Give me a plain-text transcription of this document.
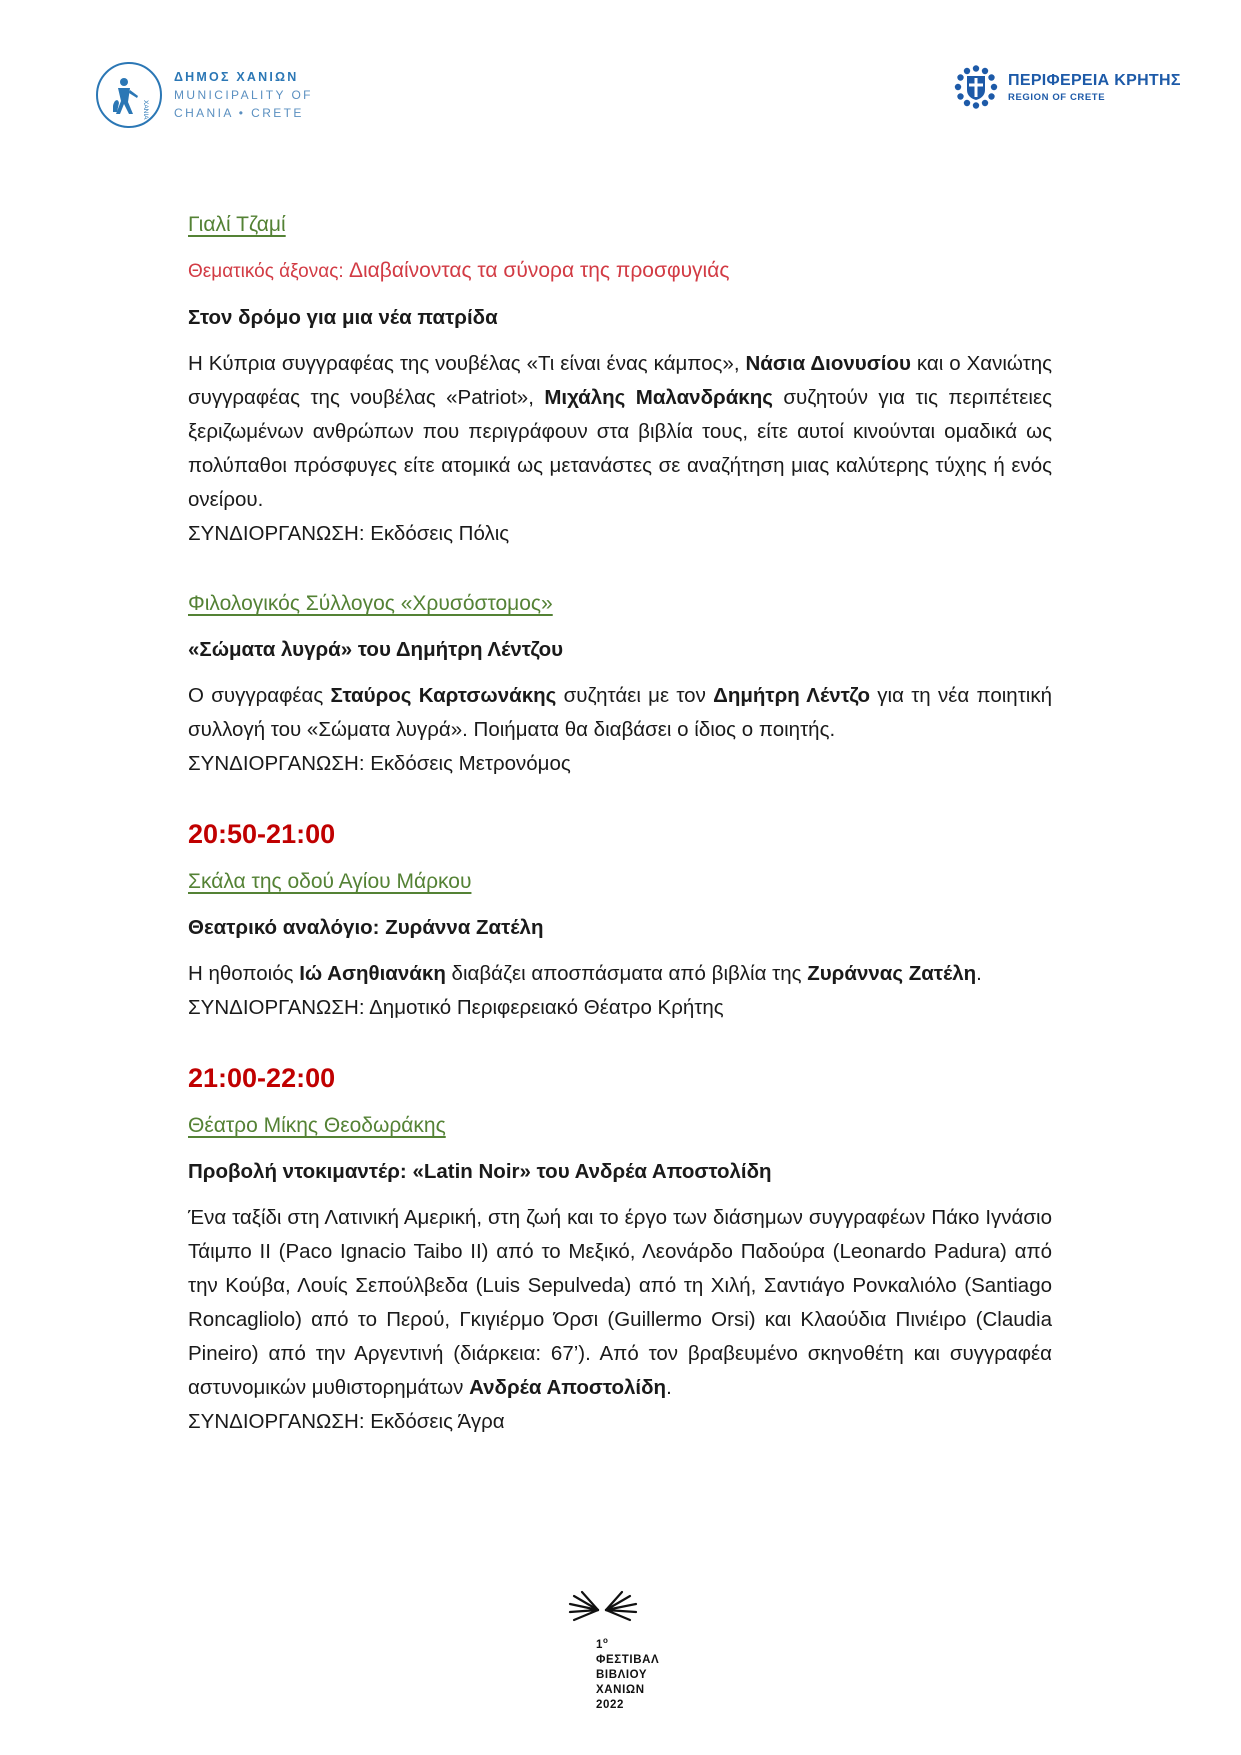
ΧΑΝΙΑ
ΔΗΜΟΣ ΧΑΝΙΩΝ
MUNICIPALITY OF
CHANIA • CRETE
ΠΕΡΙΦΕΡΕΙΑ ΚΡΗΤΗΣ
REGION OF CRETE

Γιαλί Τζαμί

Θεματικός άξονας: Διαβαίνοντας τα σύνορα της προσφυγιάς

Στον δρόμο για μια νέα πατρίδα

Η Κύπρια συγγραφέας της νουβέλας «Τι είναι ένας κάμπος», Νάσια Διονυσίου και ο Χανιώτης συγγραφέας της νουβέλας «Patriot», Μιχάλης Μαλανδράκης συζητούν για τις περιπέτειες ξεριζωμένων ανθρώπων που περιγράφουν στα βιβλία τους, είτε αυτοί κινούνται ομαδικά ως πολύπαθοι πρόσφυγες είτε ατομικά ως μετανάστες σε αναζήτηση μιας καλύτερης τύχης ή ενός ονείρου.

ΣΥΝΔΙΟΡΓΑΝΩΣΗ: Εκδόσεις Πόλις

Φιλολογικός Σύλλογος «Χρυσόστομος»

«Σώματα λυγρά» του Δημήτρη Λέντζου

Ο συγγραφέας Σταύρος Καρτσωνάκης συζητάει με τον Δημήτρη Λέντζο για τη νέα ποιητική συλλογή του «Σώματα λυγρά». Ποιήματα θα διαβάσει ο ίδιος ο ποιητής.

ΣΥΝΔΙΟΡΓΑΝΩΣΗ: Εκδόσεις Μετρονόμος

20:50-21:00

Σκάλα της οδού Αγίου Μάρκου

Θεατρικό αναλόγιο: Ζυράννα Ζατέλη

Η ηθοποιός Ιώ Ασηθιανάκη διαβάζει αποσπάσματα από βιβλία της Ζυράννας Ζατέλη.

ΣΥΝΔΙΟΡΓΑΝΩΣΗ: Δημοτικό Περιφερειακό Θέατρο Κρήτης

21:00-22:00

Θέατρο Μίκης Θεοδωράκης

Προβολή ντοκιμαντέρ: «Latin Noir» του Ανδρέα Αποστολίδη

Ένα ταξίδι στη Λατινική Αμερική, στη ζωή και το έργο των διάσημων συγγραφέων Πάκο Ιγνάσιο Τάιμπο ΙΙ (Paco Ignacio Taibo II) από το Μεξικό, Λεονάρδο Παδούρα (Leonardo Padura) από την Κούβα, Λουίς Σεπούλβεδα (Luis Sepulveda) από τη Χιλή, Σαντιάγο Ρονκαλιόλο (Santiago Roncagliolo) από το Περού, Γκιγιέρμο Όρσι (Guillermo Orsi) και Κλαούδια Πινιέιρο (Claudia Pineiro) από την Αργεντινή (διάρκεια: 67’). Από τον βραβευμένο σκηνοθέτη και συγγραφέα αστυνομικών μυθιστορημάτων Ανδρέα Αποστολίδη.

ΣΥΝΔΙΟΡΓΑΝΩΣΗ: Εκδόσεις Άγρα

$1^o$
ΦΕΣΤΙΒΑΛ
ΒΙΒΛΙΟΥ
ΧΑΝΙΩΝ
2022
